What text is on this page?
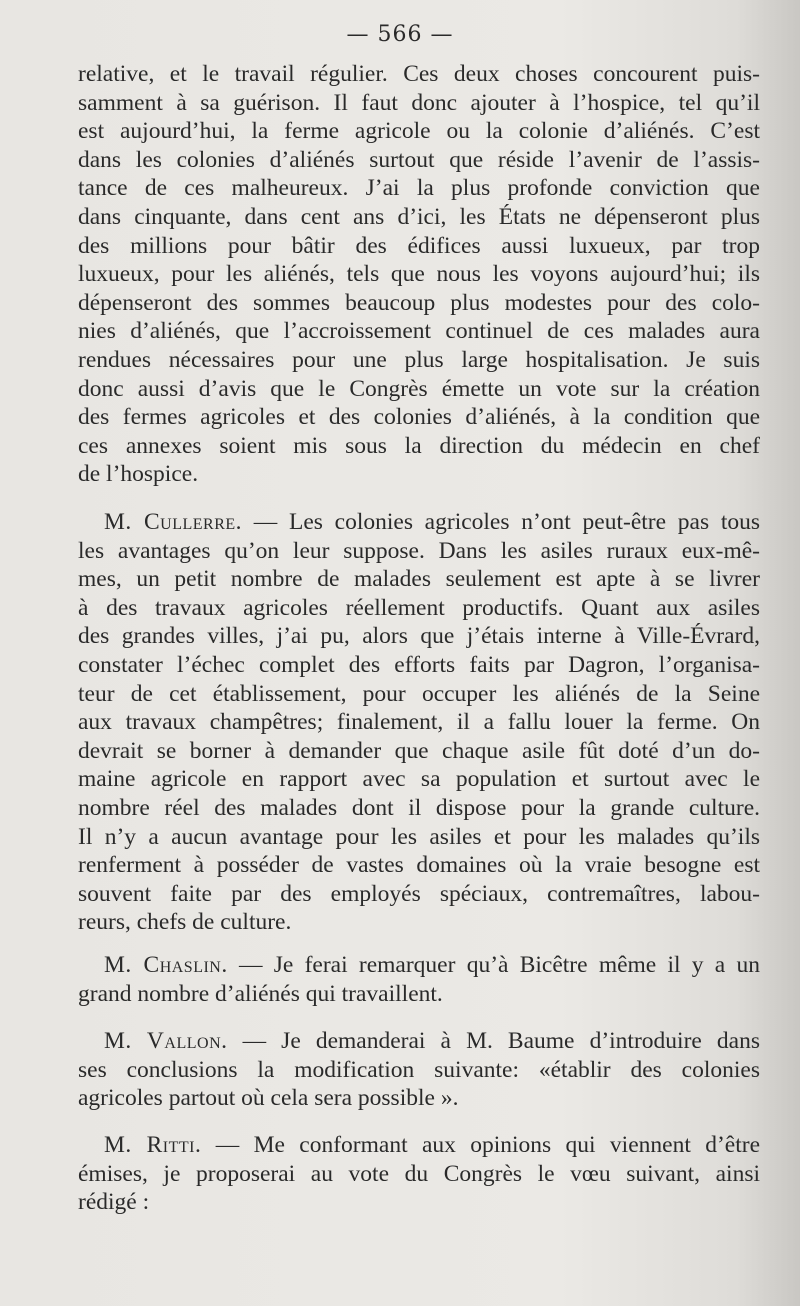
— 566 —
relative, et le travail régulier. Ces deux choses concourent puis-
samment à sa guérison. Il faut donc ajouter à l’hospice, tel qu’il
est aujourd’hui, la ferme agricole ou la colonie d’aliénés. C’est
dans les colonies d’aliénés surtout que réside l’avenir de l’assis-
tance de ces malheureux. J’ai la plus profonde conviction que
dans cinquante, dans cent ans d’ici, les États ne dépenseront plus
des millions pour bâtir des édifices aussi luxueux, par trop
luxueux, pour les aliénés, tels que nous les voyons aujourd’hui; ils
dépenseront des sommes beaucoup plus modestes pour des colo-
nies d’aliénés, que l’accroissement continuel de ces malades aura
rendues nécessaires pour une plus large hospitalisation. Je suis
donc aussi d’avis que le Congrès émette un vote sur la création
des fermes agricoles et des colonies d’aliénés, à la condition que
ces annexes soient mis sous la direction du médecin en chef
de l’hospice.
M. Cullerre. — Les colonies agricoles n’ont peut-être pas tous
les avantages qu’on leur suppose. Dans les asiles ruraux eux-mê-
mes, un petit nombre de malades seulement est apte à se livrer
à des travaux agricoles réellement productifs. Quant aux asiles
des grandes villes, j’ai pu, alors que j’étais interne à Ville-Évrard,
constater l’échec complet des efforts faits par Dagron, l’organisa-
teur de cet établissement, pour occuper les aliénés de la Seine
aux travaux champêtres; finalement, il a fallu louer la ferme. On
devrait se borner à demander que chaque asile fût doté d’un do-
maine agricole en rapport avec sa population et surtout avec le
nombre réel des malades dont il dispose pour la grande culture.
Il n’y a aucun avantage pour les asiles et pour les malades qu’ils
renferment à posséder de vastes domaines où la vraie besogne est
souvent faite par des employés spéciaux, contremaîtres, labou-
reurs, chefs de culture.
M. Chaslin. — Je ferai remarquer qu’à Bicêtre même il y a un
grand nombre d’aliénés qui travaillent.
M. Vallon. — Je demanderai à M. Baume d’introduire dans
ses conclusions la modification suivante: «établir des colonies
agricoles partout où cela sera possible ».
M. Ritti. — Me conformant aux opinions qui viennent d’être
émises, je proposerai au vote du Congrès le vœu suivant, ainsi
rédigé :
